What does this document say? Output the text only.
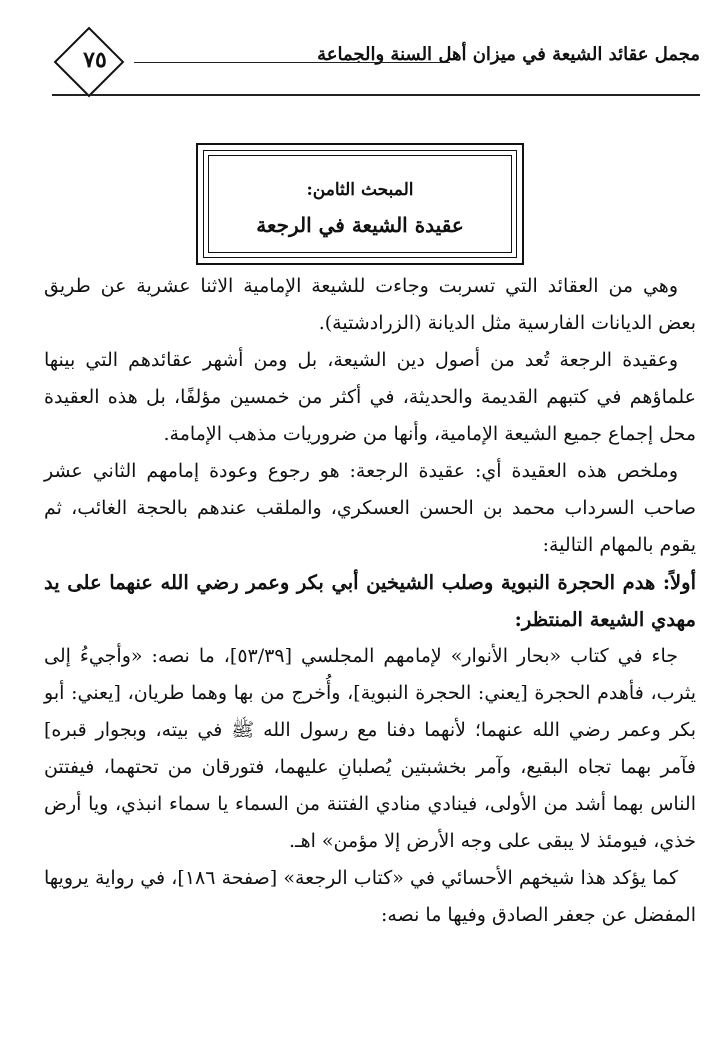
مجمل عقائد الشيعة في ميزان أهل السنة والجماعة
٧٥
المبحث الثامن:
عقيدة الشيعة في الرجعة

وهي من العقائد التي تسربت وجاءت للشيعة الإمامية الاثنا عشرية عن طريق بعض الديانات الفارسية مثل الديانة (الزرادشتية).

وعقيدة الرجعة تُعد من أصول دين الشيعة، بل ومن أشهر عقائدهم التي بينها علماؤهم في كتبهم القديمة والحديثة، في أكثر من خمسين مؤلفًا، بل هذه العقيدة محل إجماع جميع الشيعة الإمامية، وأنها من ضروريات مذهب الإمامة.

وملخص هذه العقيدة أي: عقيدة الرجعة: هو رجوع وعودة إمامهم الثاني عشر صاحب السرداب محمد بن الحسن العسكري، والملقب عندهم بالحجة الغائب، ثم يقوم بالمهام التالية:

أولاً: هدم الحجرة النبوية وصلب الشيخين أبي بكر وعمر رضي الله عنهما على يد مهدي الشيعة المنتظر:

جاء في كتاب «بحار الأنوار» لإمامهم المجلسي [٥٣/٣٩]، ما نصه: «وأجيءُ إلى يثرب، فأهدم الحجرة [يعني: الحجرة النبوية]، وأُخرج من بها وهما طريان، [يعني: أبو بكر وعمر رضي الله عنهما؛ لأنهما دفنا مع رسول الله ﷺ في بيته، وبجوار قبره] فآمر بهما تجاه البقيع، وآمر بخشبتين يُصلبانِ عليهما، فتورقان من تحتهما، فيفتتن الناس بهما أشد من الأولى، فينادي منادي الفتنة من السماء يا سماء انبذي، ويا أرض خذي، فيومئذ لا يبقى على وجه الأرض إلا مؤمن» اهـ.

كما يؤكد هذا شيخهم الأحسائي في «كتاب الرجعة» [صفحة ١٨٦]، في رواية يرويها المفضل عن جعفر الصادق وفيها ما نصه:
